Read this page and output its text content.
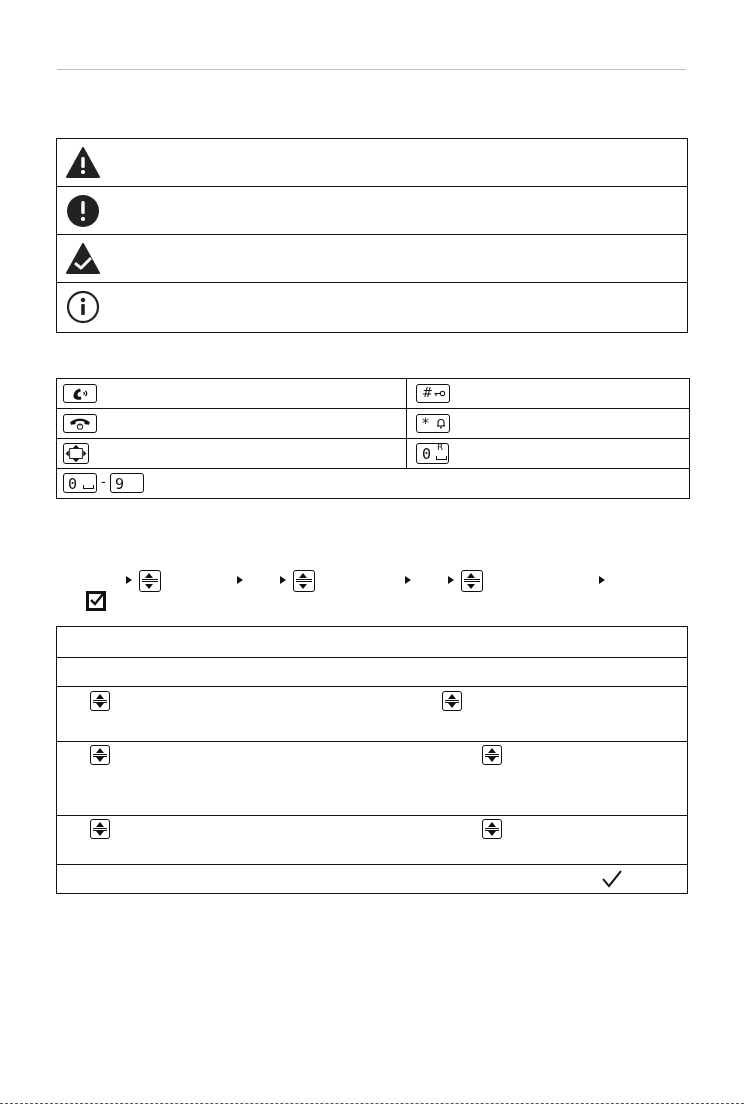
#
*
0 R
0 - 9
